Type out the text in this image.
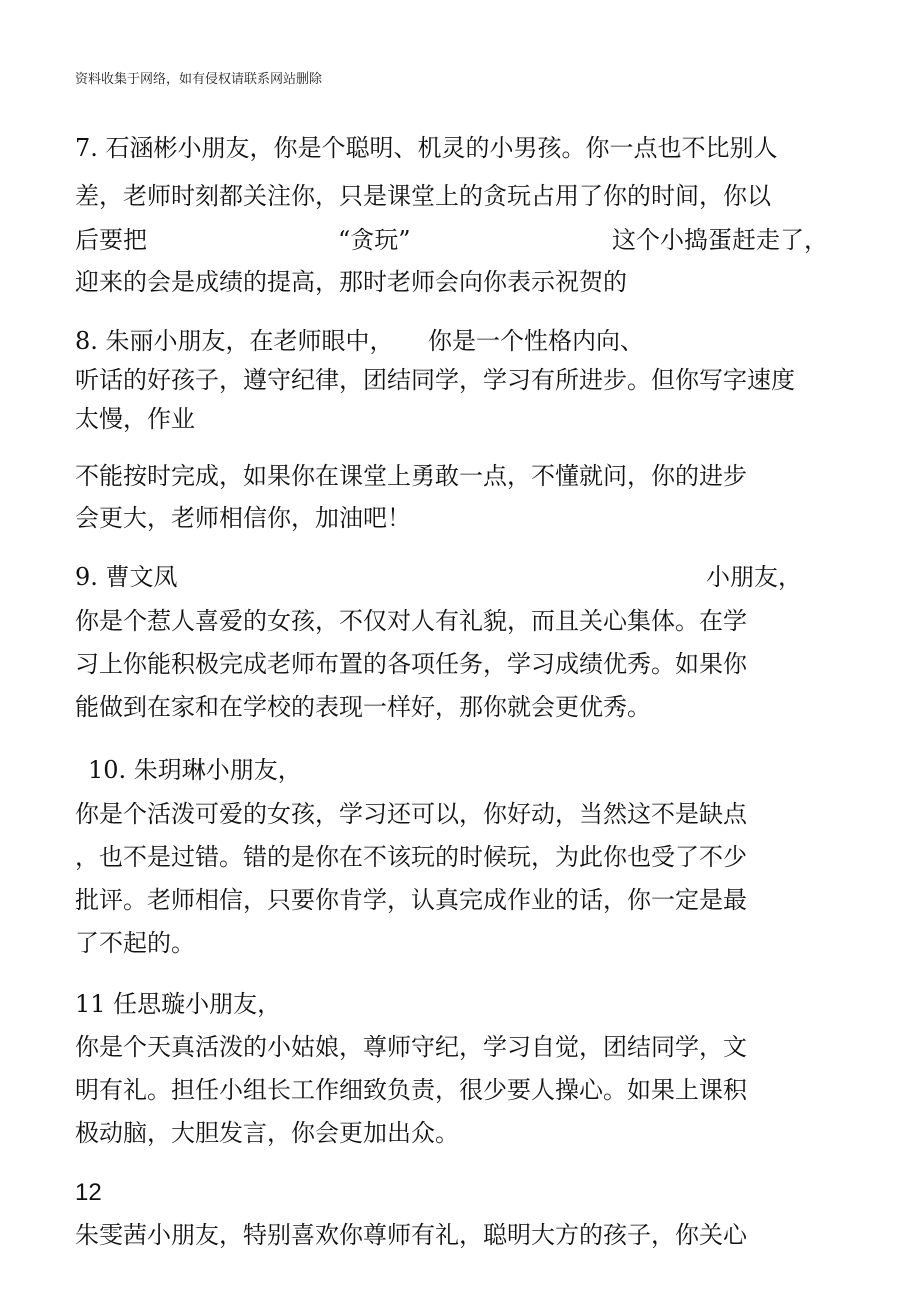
资料收集于网络，如有侵权请联系网站删除
7. 石涵彬小朋友，你是个聪明、机灵的小男孩。你一点也不比别人
差，老师时刻都关注你，只是课堂上的贪玩占用了你的时间，你以
后要把	“贪玩”	这个小捣蛋赶走了，
迎来的会是成绩的提高，那时老师会向你表示祝贺的
8. 朱丽小朋友，在老师眼中， 你是一个性格内向、
听话的好孩子，遵守纪律，团结同学，学习有所进步。但你写字速度
太慢，作业
不能按时完成，如果你在课堂上勇敢一点，不懂就问，你的进步
会更大，老师相信你，加油吧！
9. 曹文凤	小朋友，
你是个惹人喜爱的女孩，不仅对人有礼貌，而且关心集体。在学
习上你能积极完成老师布置的各项任务，学习成绩优秀。如果你
能做到在家和在学校的表现一样好，那你就会更优秀。
10. 朱玥琳小朋友，
你是个活泼可爱的女孩，学习还可以，你好动，当然这不是缺点
，也不是过错。错的是你在不该玩的时候玩，为此你也受了不少
批评。老师相信，只要你肯学，认真完成作业的话，你一定是最
了不起的。
11 任思璇小朋友，
你是个天真活泼的小姑娘，尊师守纪，学习自觉，团结同学，文
明有礼。担任小组长工作细致负责，很少要人操心。如果上课积
极动脑，大胆发言，你会更加出众。
12
朱雯茜小朋友，特别喜欢你尊师有礼，聪明大方的孩子，你关心
